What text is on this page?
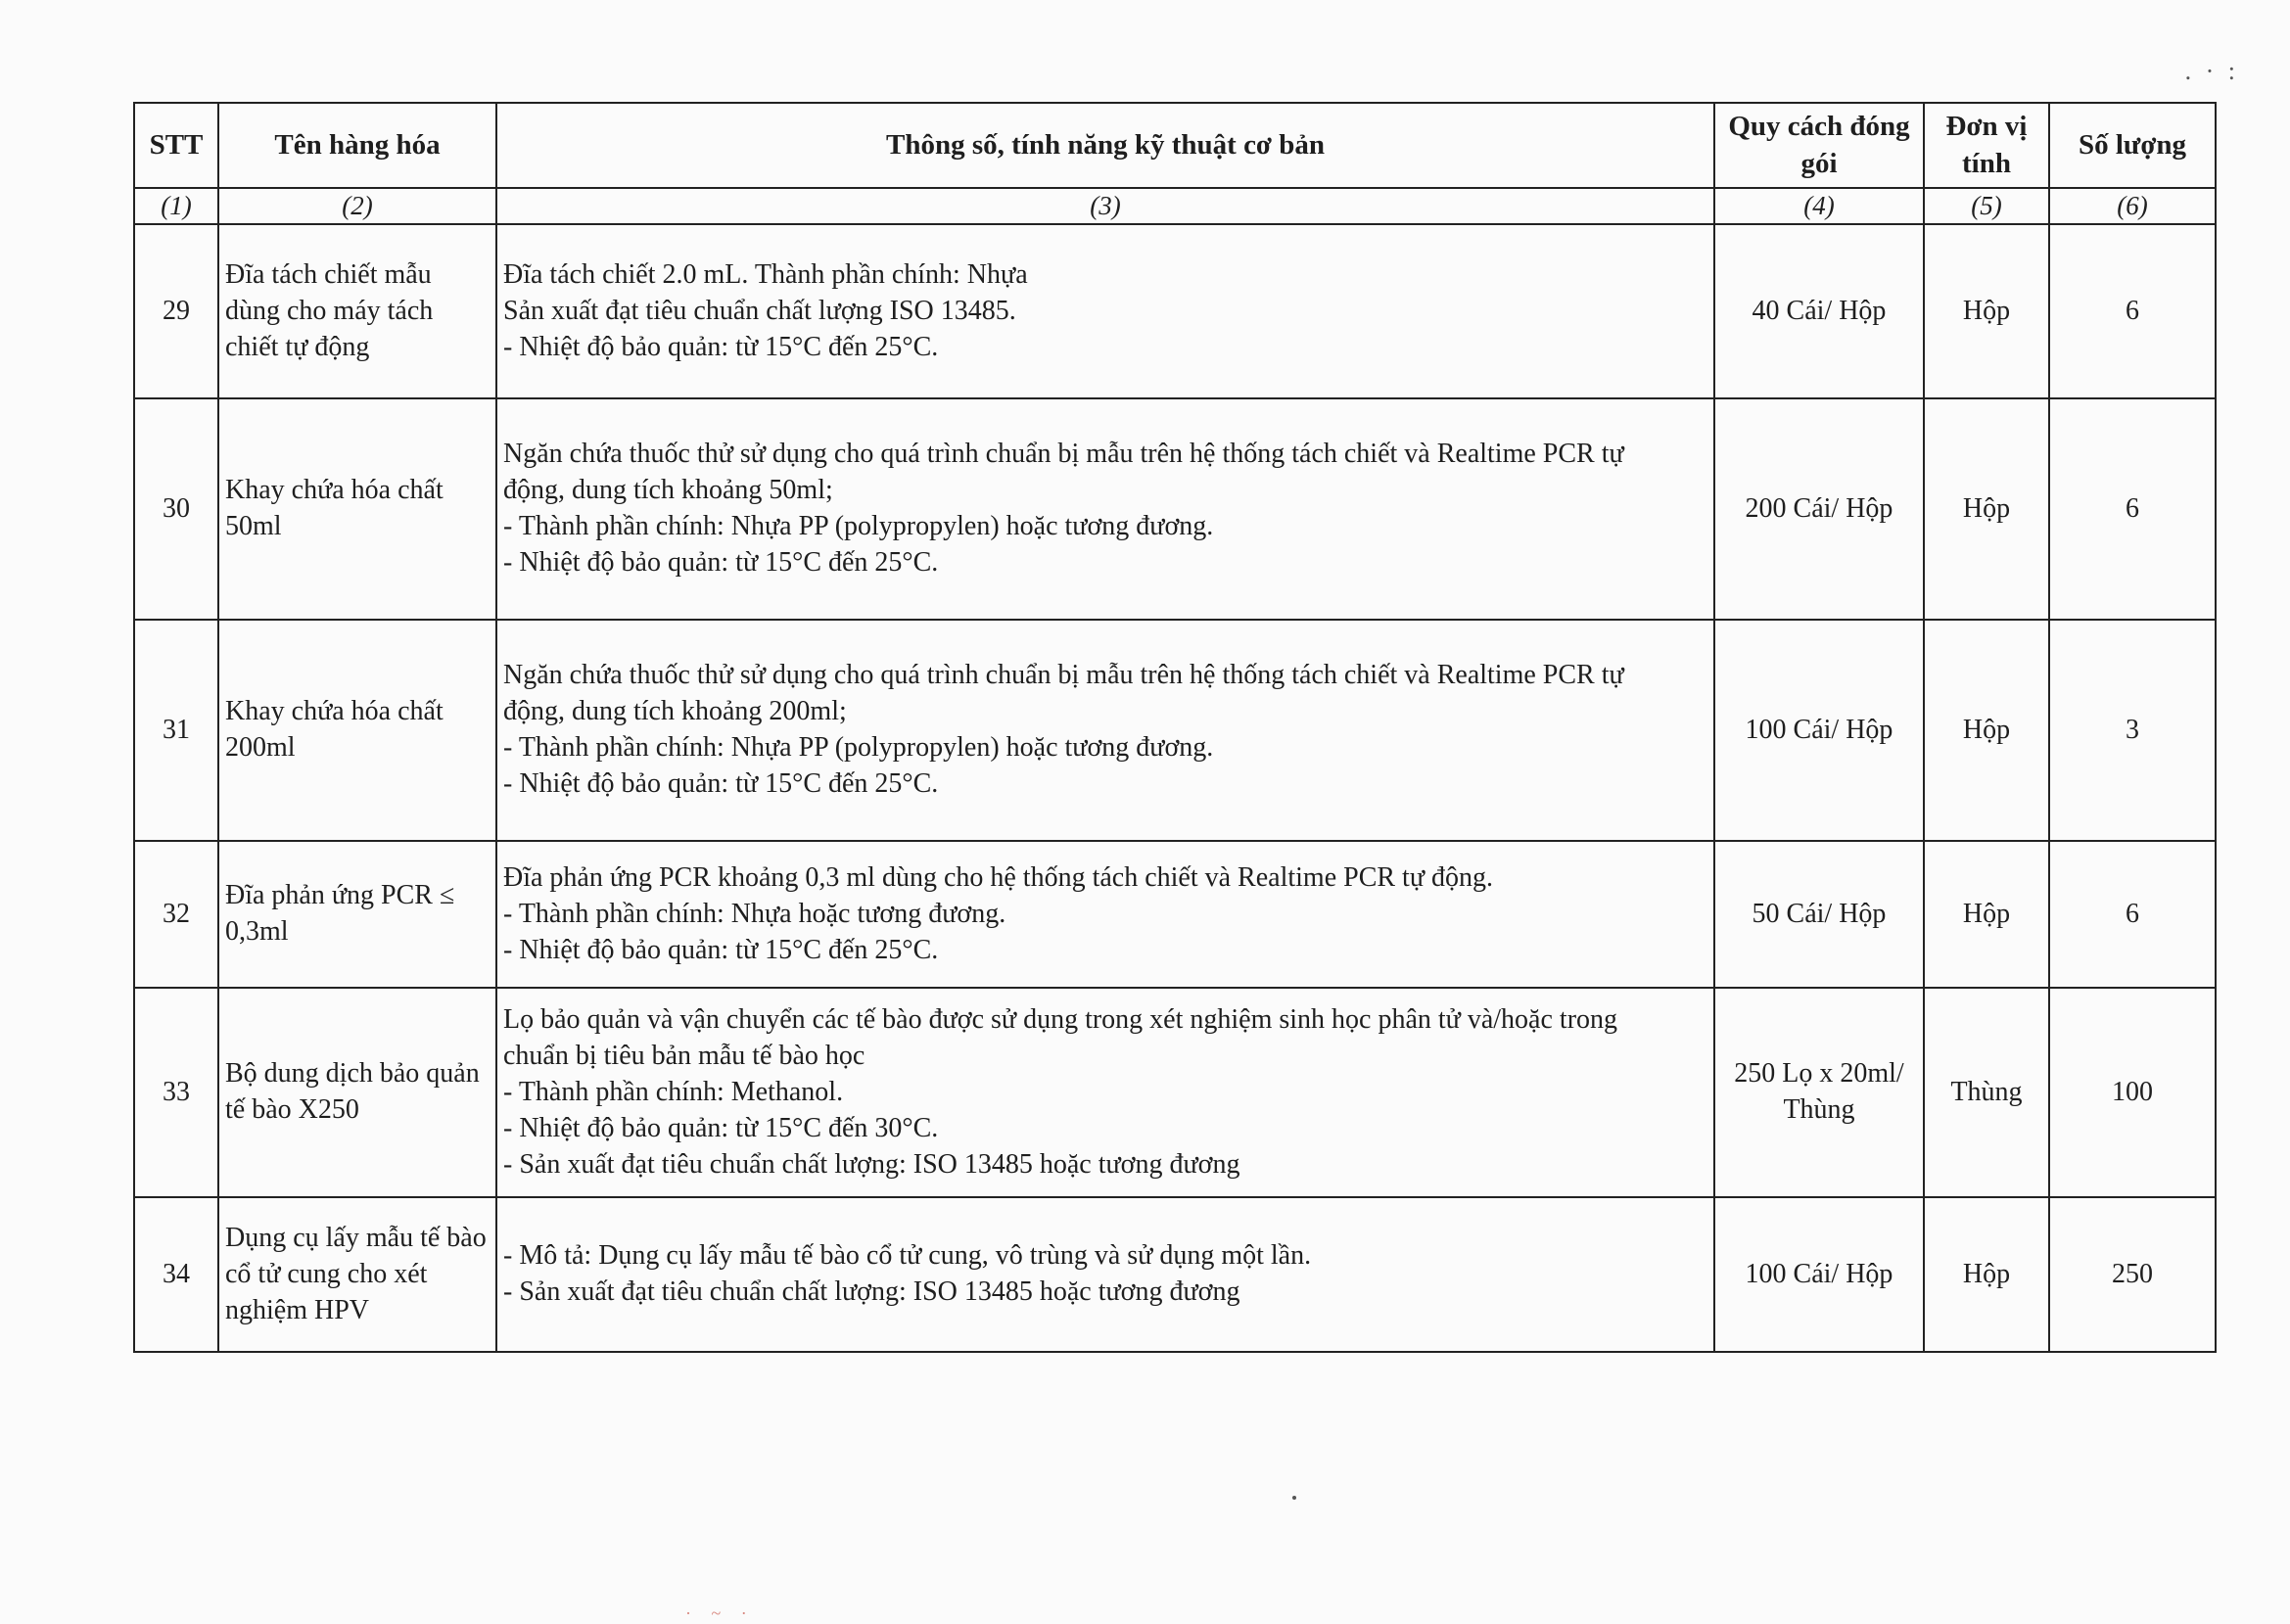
. · :
STT	Tên hàng hóa	Thông số, tính năng kỹ thuật cơ bản	Quy cách đóng gói	Đơn vị tính	Số lượng
(1)	(2)	(3)	(4)	(5)	(6)
29	Đĩa tách chiết mẫu dùng cho máy tách chiết tự động	Đĩa tách chiết 2.0 mL. Thành phần chính: Nhựa
Sản xuất đạt tiêu chuẩn chất lượng ISO 13485.
- Nhiệt độ bảo quản: từ 15°C đến 25°C.	40 Cái/ Hộp	Hộp	6
30	Khay chứa hóa chất 50ml	Ngăn chứa thuốc thử sử dụng cho quá trình chuẩn bị mẫu trên hệ thống tách chiết và Realtime PCR tự
động, dung tích khoảng 50ml;
- Thành phần chính: Nhựa PP (polypropylen) hoặc tương đương.
- Nhiệt độ bảo quản: từ 15°C đến 25°C.	200 Cái/ Hộp	Hộp	6
31	Khay chứa hóa chất 200ml	Ngăn chứa thuốc thử sử dụng cho quá trình chuẩn bị mẫu trên hệ thống tách chiết và Realtime PCR tự
động, dung tích khoảng 200ml;
- Thành phần chính: Nhựa PP (polypropylen) hoặc tương đương.
- Nhiệt độ bảo quản: từ 15°C đến 25°C.	100 Cái/ Hộp	Hộp	3
32	Đĩa phản ứng PCR ≤ 0,3ml	Đĩa phản ứng PCR khoảng 0,3 ml dùng cho hệ thống tách chiết và Realtime PCR tự động.
- Thành phần chính: Nhựa hoặc tương đương.
- Nhiệt độ bảo quản: từ 15°C đến 25°C.	50 Cái/ Hộp	Hộp	6
33	Bộ dung dịch bảo quản tế bào X250	Lọ bảo quản và vận chuyển các tế bào được sử dụng trong xét nghiệm sinh học phân tử và/hoặc trong
chuẩn bị tiêu bản mẫu tế bào học
- Thành phần chính: Methanol.
- Nhiệt độ bảo quản: từ 15°C đến 30°C.
- Sản xuất đạt tiêu chuẩn chất lượng: ISO 13485 hoặc tương đương	250 Lọ x 20ml/ Thùng	Thùng	100
34	Dụng cụ lấy mẫu tế bào cổ tử cung cho xét nghiệm HPV	- Mô tả: Dụng cụ lấy mẫu tế bào cổ tử cung, vô trùng và sử dụng một lần.
- Sản xuất đạt tiêu chuẩn chất lượng: ISO 13485 hoặc tương đương	100 Cái/ Hộp	Hộp	250
· ~ ·
